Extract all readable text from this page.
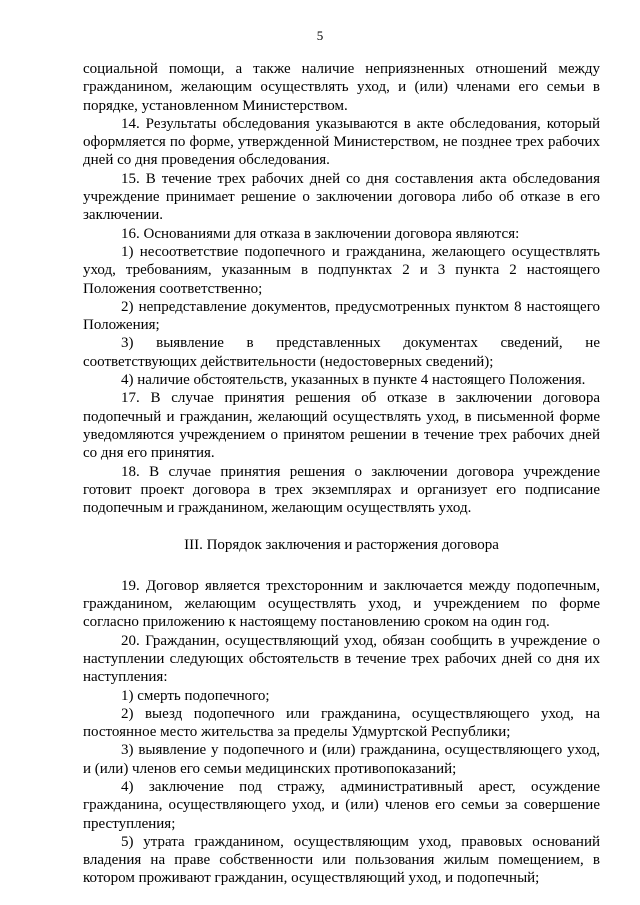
5

социальной помощи, а также наличие неприязненных отношений между гражданином, желающим осуществлять уход, и (или) членами его семьи в порядке, установленном Министерством.

14. Результаты обследования указываются в акте обследования, который оформляется по форме, утвержденной Министерством, не позднее трех рабочих дней со дня проведения обследования.

15. В течение трех рабочих дней со дня составления акта обследования учреждение принимает решение о заключении договора либо об отказе в его заключении.

16. Основаниями для отказа в заключении договора являются:

1) несоответствие подопечного и гражданина, желающего осуществлять уход, требованиям, указанным в подпунктах 2 и 3 пункта 2 настоящего Положения соответственно;

2) непредставление документов, предусмотренных пунктом 8 настоящего Положения;

3) выявление в представленных документах сведений, не соответствующих действительности (недостоверных сведений);

4) наличие обстоятельств, указанных в пункте 4 настоящего Положения.

17. В случае принятия решения об отказе в заключении договора подопечный и гражданин, желающий осуществлять уход, в письменной форме уведомляются учреждением о принятом решении в течение трех рабочих дней со дня его принятия.

18. В случае принятия решения о заключении договора учреждение готовит проект договора в трех экземплярах и организует его подписание подопечным и гражданином, желающим осуществлять уход.

III. Порядок заключения и расторжения договора

19. Договор является трехсторонним и заключается между подопечным, гражданином, желающим осуществлять уход, и учреждением по форме согласно приложению к настоящему постановлению сроком на один год.

20. Гражданин, осуществляющий уход, обязан сообщить в учреждение о наступлении следующих обстоятельств в течение трех рабочих дней со дня их наступления:

1) смерть подопечного;

2) выезд подопечного или гражданина, осуществляющего уход, на постоянное место жительства за пределы Удмуртской Республики;

3) выявление у подопечного и (или) гражданина, осуществляющего уход, и (или) членов его семьи медицинских противопоказаний;

4) заключение под стражу, административный арест, осуждение гражданина, осуществляющего уход, и (или) членов его семьи за совершение преступления;

5) утрата гражданином, осуществляющим уход, правовых оснований владения на праве собственности или пользования жилым помещением, в котором проживают гражданин, осуществляющий уход, и подопечный;
